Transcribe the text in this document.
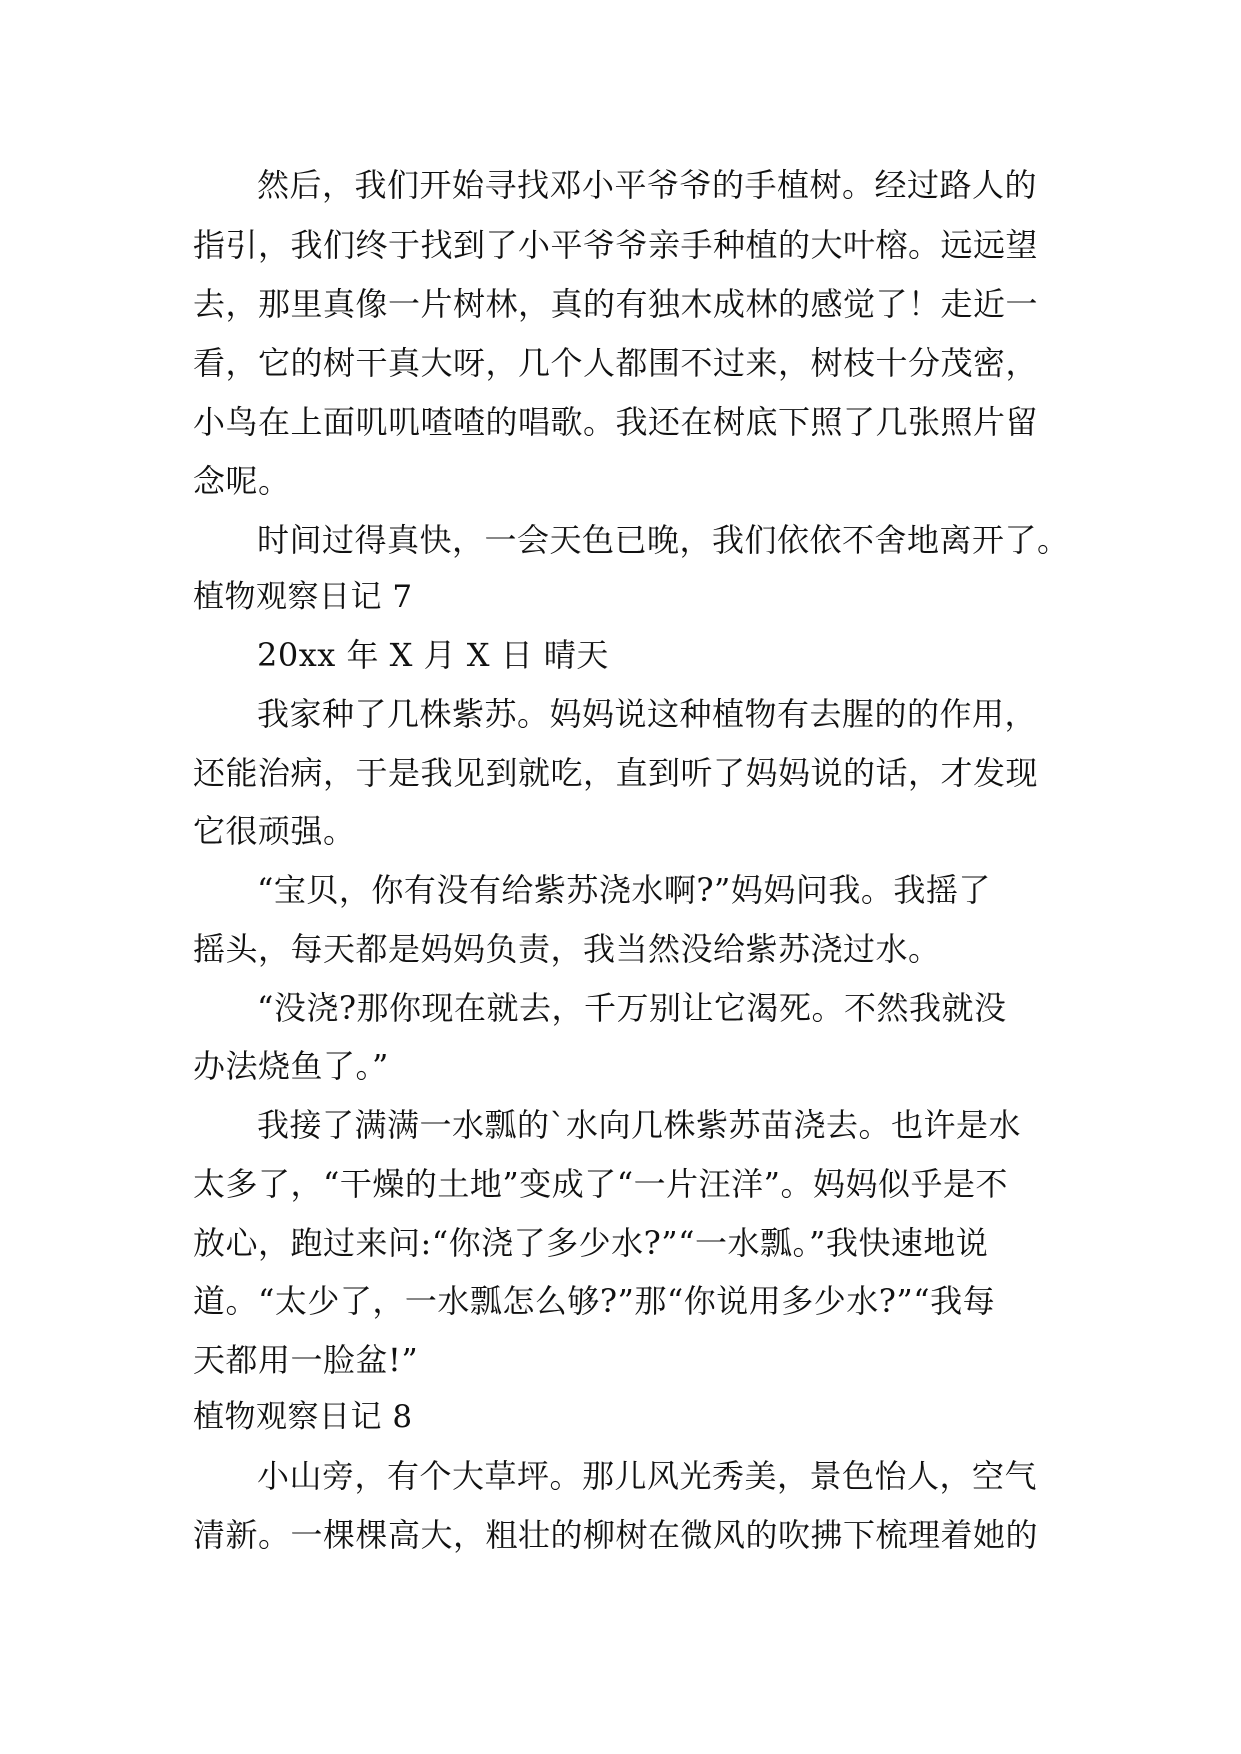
然后，我们开始寻找邓小平爷爷的手植树。经过路人的
指引，我们终于找到了小平爷爷亲手种植的大叶榕。远远望
去，那里真像一片树林，真的有独木成林的感觉了！走近一
看，它的树干真大呀，几个人都围不过来，树枝十分茂密，
小鸟在上面叽叽喳喳的唱歌。我还在树底下照了几张照片留
念呢。
时间过得真快，一会天色已晚，我们依依不舍地离开了。
植物观察日记 7
20xx 年 X 月 X 日 晴天
我家种了几株紫苏。妈妈说这种植物有去腥的的作用，
还能治病，于是我见到就吃，直到听了妈妈说的话，才发现
它很顽强。
“宝贝，你有没有给紫苏浇水啊?”妈妈问我。我摇了
摇头，每天都是妈妈负责，我当然没给紫苏浇过水。
“没浇?那你现在就去，千万别让它渴死。不然我就没
办法烧鱼了。”
我接了满满一水瓢的`水向几株紫苏苗浇去。也许是水
太多了，“干燥的土地”变成了“一片汪洋”。妈妈似乎是不
放心，跑过来问:“你浇了多少水?”“一水瓢。”我快速地说
道。“太少了，一水瓢怎么够?”那“你说用多少水?”“我每
天都用一脸盆!”
植物观察日记 8
小山旁，有个大草坪。那儿风光秀美，景色怡人，空气
清新。一棵棵高大，粗壮的柳树在微风的吹拂下梳理着她的
